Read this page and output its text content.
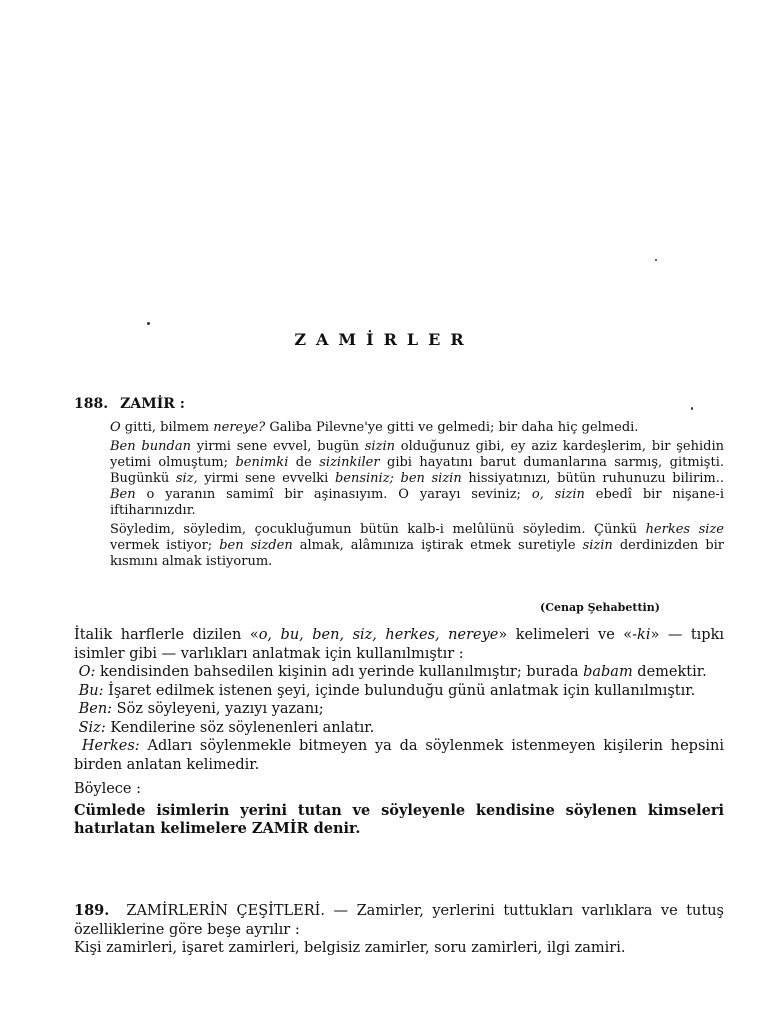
ZAMİRLER
188. ZAMİR :

O gitti, bilmem nereye? Galiba Pilevne'ye gitti ve gelmedi; bir daha hiç gelmedi.

Ben bundan yirmi sene evvel, bugün sizin olduğunuz gibi, ey aziz kardeşlerim, bir şehidin yetimi olmuştum; benimki de sizinkiler gibi hayatını barut dumanlarına sarmış, gitmişti. Bugünkü siz, yirmi sene evvelki bensiniz; ben sizin hissiyatınızı, bütün ruhunuzu bilirim.. Ben o yaranın samimî bir aşinasıyım. O yarayı seviniz; o, sizin ebedî bir nişane-i iftiharınızdır.

Söyledim, söyledim, çocukluğumun bütün kalb-i melûlünü söyledim. Çünkü herkes size vermek istiyor; ben sizden almak, alâmınıza iştirak etmek suretiyle sizin derdinizden bir kısmını almak istiyorum.

(Cenap Şehabettin)

İtalik harflerle dizilen «o, bu, ben, siz, herkes, nereye» kelimeleri ve «-ki» — tıpkı isimler gibi — varlıkları anlatmak için kullanılmıştır :

O: kendisinden bahsedilen kişinin adı yerinde kullanılmıştır; burada babam demektir.

Bu: İşaret edilmek istenen şeyi, içinde bulunduğu günü anlatmak için kullanılmıştır.

Ben: Söz söyleyeni, yazıyı yazanı;

Siz: Kendilerine söz söylenenleri anlatır.

Herkes: Adları söylenmekle bitmeyen ya da söylenmek istenmeyen kişilerin hepsini birden anlatan kelimedir.

Böylece :

Cümlede isimlerin yerini tutan ve söyleyenle kendisine söylenen kimseleri hatırlatan kelimelere ZAMİR denir.

189. ZAMİRLERİN ÇEŞİTLERİ. — Zamirler, yerlerini tuttukları varlıklara ve tutuş özelliklerine göre beşe ayrılır :

Kişi zamirleri, işaret zamirleri, belgisiz zamirler, soru zamirleri, ilgi zamiri.
